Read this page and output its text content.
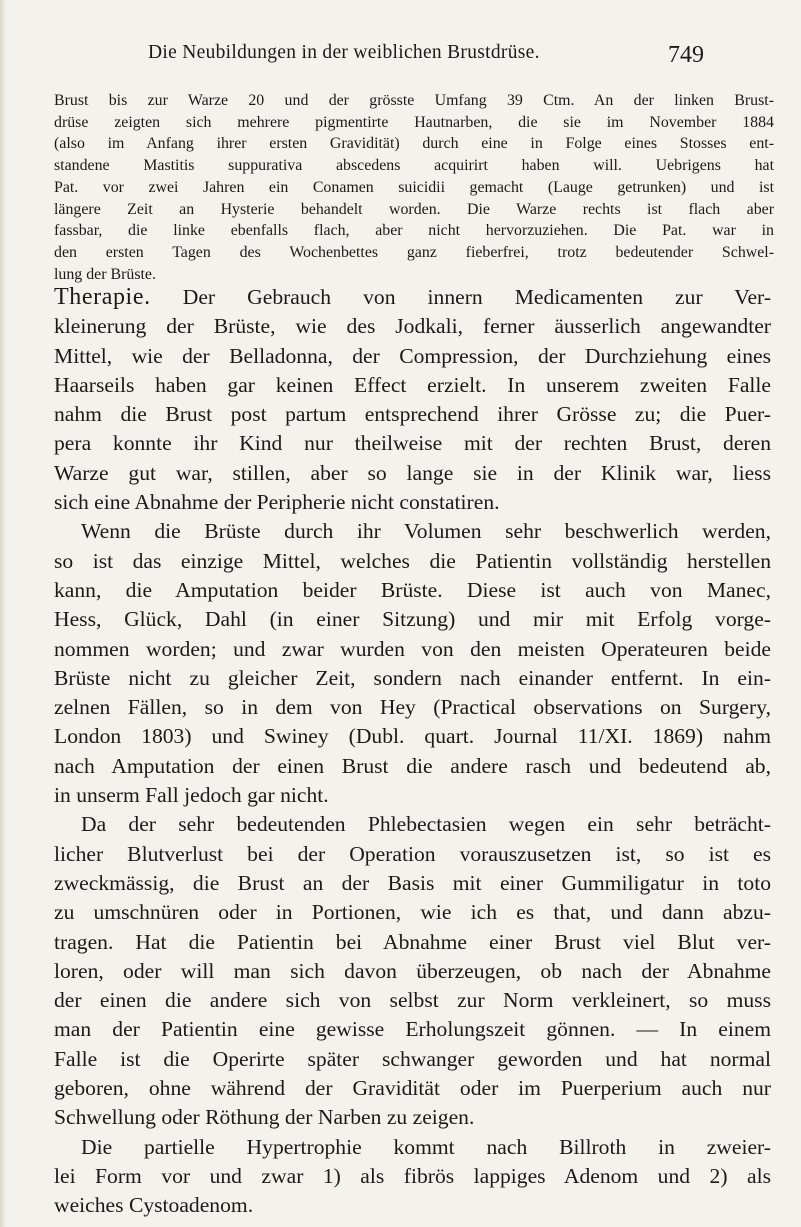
Die Neubildungen in der weiblichen Brustdrüse.	749
Brust bis zur Warze 20 und der grösste Umfang 39 Ctm. An der linken Brust-
drüse zeigten sich mehrere pigmentirte Hautnarben, die sie im November 1884
(also im Anfang ihrer ersten Gravidität) durch eine in Folge eines Stosses ent-
standene Mastitis suppurativa abscedens acquirirt haben will. Uebrigens hat
Pat. vor zwei Jahren ein Conamen suicidii gemacht (Lauge getrunken) und ist
längere Zeit an Hysterie behandelt worden. Die Warze rechts ist flach aber
fassbar, die linke ebenfalls flach, aber nicht hervorzuziehen. Die Pat. war in
den ersten Tagen des Wochenbettes ganz fieberfrei, trotz bedeutender Schwel-
lung der Brüste.
Therapie. Der Gebrauch von innern Medicamenten zur Ver-
kleinerung der Brüste, wie des Jodkali, ferner äusserlich angewandter
Mittel, wie der Belladonna, der Compression, der Durchziehung eines
Haarseils haben gar keinen Effect erzielt. In unserem zweiten Falle
nahm die Brust post partum entsprechend ihrer Grösse zu; die Puer-
pera konnte ihr Kind nur theilweise mit der rechten Brust, deren
Warze gut war, stillen, aber so lange sie in der Klinik war, liess
sich eine Abnahme der Peripherie nicht constatiren.
Wenn die Brüste durch ihr Volumen sehr beschwerlich werden,
so ist das einzige Mittel, welches die Patientin vollständig herstellen
kann, die Amputation beider Brüste. Diese ist auch von Manec,
Hess, Glück, Dahl (in einer Sitzung) und mir mit Erfolg vorge-
nommen worden; und zwar wurden von den meisten Operateuren beide
Brüste nicht zu gleicher Zeit, sondern nach einander entfernt. In ein-
zelnen Fällen, so in dem von Hey (Practical observations on Surgery,
London 1803) und Swiney (Dubl. quart. Journal 11/XI. 1869) nahm
nach Amputation der einen Brust die andere rasch und bedeutend ab,
in unserm Fall jedoch gar nicht.
Da der sehr bedeutenden Phlebectasien wegen ein sehr beträcht-
licher Blutverlust bei der Operation vorauszusetzen ist, so ist es
zweckmässig, die Brust an der Basis mit einer Gummiligatur in toto
zu umschnüren oder in Portionen, wie ich es that, und dann abzu-
tragen. Hat die Patientin bei Abnahme einer Brust viel Blut ver-
loren, oder will man sich davon überzeugen, ob nach der Abnahme
der einen die andere sich von selbst zur Norm verkleinert, so muss
man der Patientin eine gewisse Erholungszeit gönnen. — In einem
Falle ist die Operirte später schwanger geworden und hat normal
geboren, ohne während der Gravidität oder im Puerperium auch nur
Schwellung oder Röthung der Narben zu zeigen.
Die partielle Hypertrophie kommt nach Billroth in zweier-
lei Form vor und zwar 1) als fibrös lappiges Adenom und 2) als
weiches Cystoadenom.
